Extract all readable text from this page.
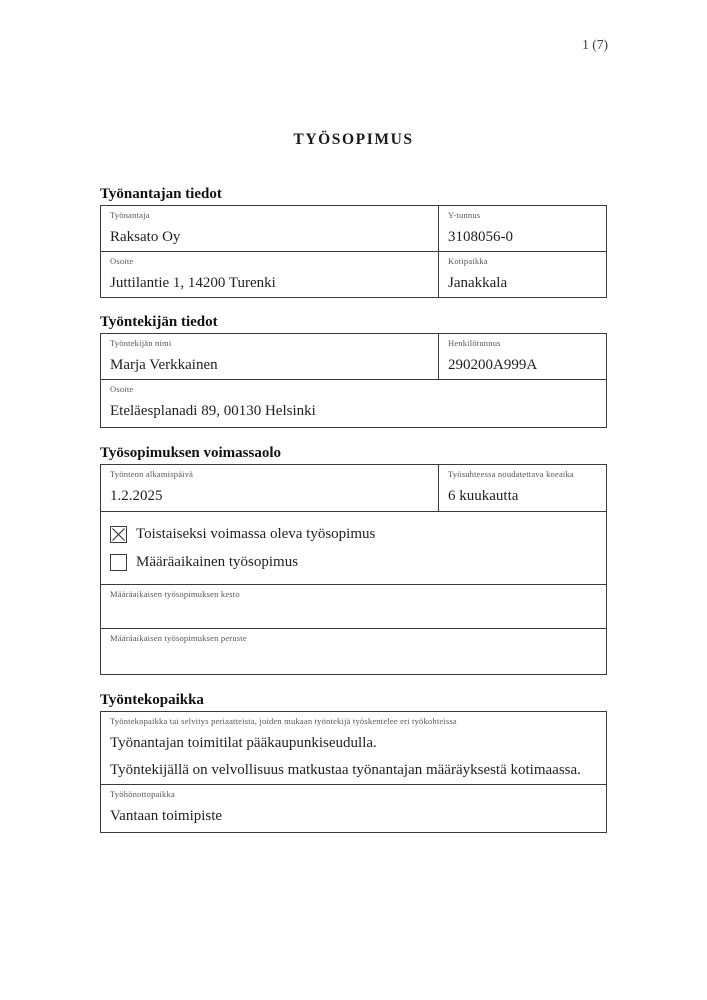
1 (7)
TYÖSOPIMUS
Työnantajan tiedot
Työnantaja
Raksato Oy
Y-tunnus
3108056-0
Osoite
Juttilantie 1, 14200 Turenki
Kotipaikka
Janakkala
Työntekijän tiedot
Työntekijän nimi
Marja Verkkainen
Henkilötunnus
290200A999A
Osoite
Eteläesplanadi 89, 00130 Helsinki
Työsopimuksen voimassaolo
Työnteon alkamispäivä
1.2.2025
Työsuhteessa noudatettava koeaika
6 kuukautta
Toistaiseksi voimassa oleva työsopimus
Määräaikainen työsopimus
Määräaikaisen työsopimuksen kesto
Määräaikaisen työsopimuksen peruste
Työntekopaikka
Työntekopaikka tai selvitys periaatteista, joiden mukaan työntekijä työskentelee eri työkohteissa
Työnantajan toimitilat pääkaupunkiseudulla.
Työntekijällä on velvollisuus matkustaa työnantajan määräyksestä kotimaassa.
Työhönottopaikka
Vantaan toimipiste
